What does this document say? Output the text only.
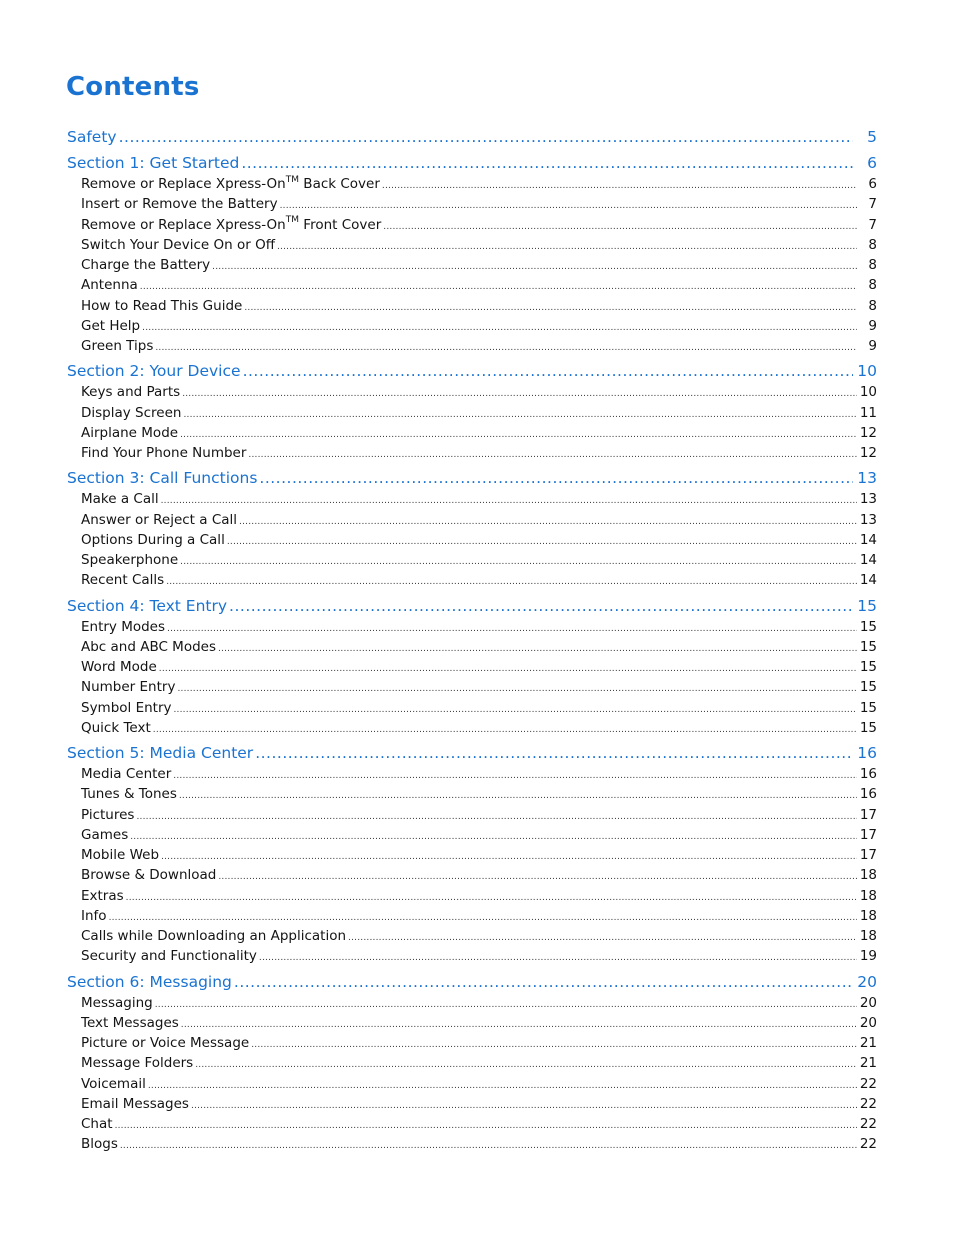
Contents
Safety .....	5
Section 1: Get Started .....	6
Remove or Replace Xpress-On™ Back Cover .....	6
Insert or Remove the Battery .....	7
Remove or Replace Xpress-On™ Front Cover .....	7
Switch Your Device On or Off .....	8
Charge the Battery .....	8
Antenna .....	8
How to Read This Guide .....	8
Get Help .....	9
Green Tips .....	9
Section 2: Your Device .....	10
Keys and Parts .....	10
Display Screen .....	11
Airplane Mode .....	12
Find Your Phone Number .....	12
Section 3: Call Functions .....	13
Make a Call .....	13
Answer or Reject a Call .....	13
Options During a Call .....	14
Speakerphone .....	14
Recent Calls .....	14
Section 4: Text Entry .....	15
Entry Modes .....	15
Abc and ABC Modes .....	15
Word Mode .....	15
Number Entry .....	15
Symbol Entry .....	15
Quick Text .....	15
Section 5: Media Center .....	16
Media Center .....	16
Tunes & Tones .....	16
Pictures .....	17
Games .....	17
Mobile Web .....	17
Browse & Download .....	18
Extras .....	18
Info .....	18
Calls while Downloading an Application .....	18
Security and Functionality .....	19
Section 6: Messaging .....	20
Messaging .....	20
Text Messages .....	20
Picture or Voice Message .....	21
Message Folders .....	21
Voicemail .....	22
Email Messages .....	22
Chat .....	22
Blogs .....	22
